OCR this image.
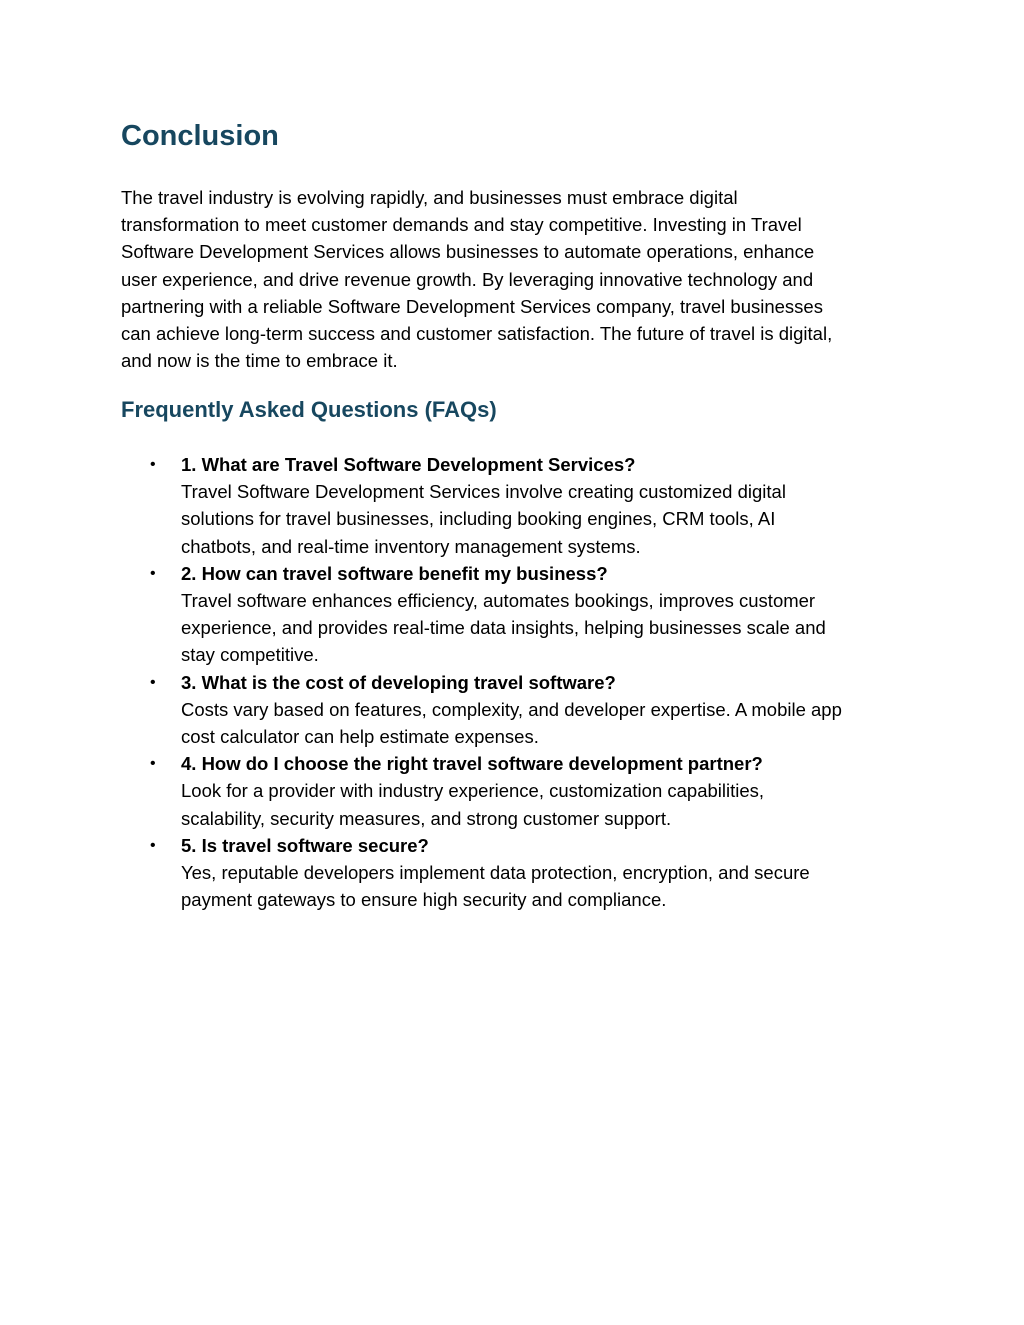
Conclusion

The travel industry is evolving rapidly, and businesses must embrace digital
transformation to meet customer demands and stay competitive. Investing in Travel
Software Development Services allows businesses to automate operations, enhance
user experience, and drive revenue growth. By leveraging innovative technology and
partnering with a reliable Software Development Services company, travel businesses
can achieve long-term success and customer satisfaction. The future of travel is digital,
and now is the time to embrace it.

Frequently Asked Questions (FAQs)
• 1. What are Travel Software Development Services?
Travel Software Development Services involve creating customized digital
solutions for travel businesses, including booking engines, CRM tools, AI
chatbots, and real-time inventory management systems.
• 2. How can travel software benefit my business?
Travel software enhances efficiency, automates bookings, improves customer
experience, and provides real-time data insights, helping businesses scale and
stay competitive.
• 3. What is the cost of developing travel software?
Costs vary based on features, complexity, and developer expertise. A mobile app
cost calculator can help estimate expenses.
• 4. How do I choose the right travel software development partner?
Look for a provider with industry experience, customization capabilities,
scalability, security measures, and strong customer support.
• 5. Is travel software secure?
Yes, reputable developers implement data protection, encryption, and secure
payment gateways to ensure high security and compliance.
